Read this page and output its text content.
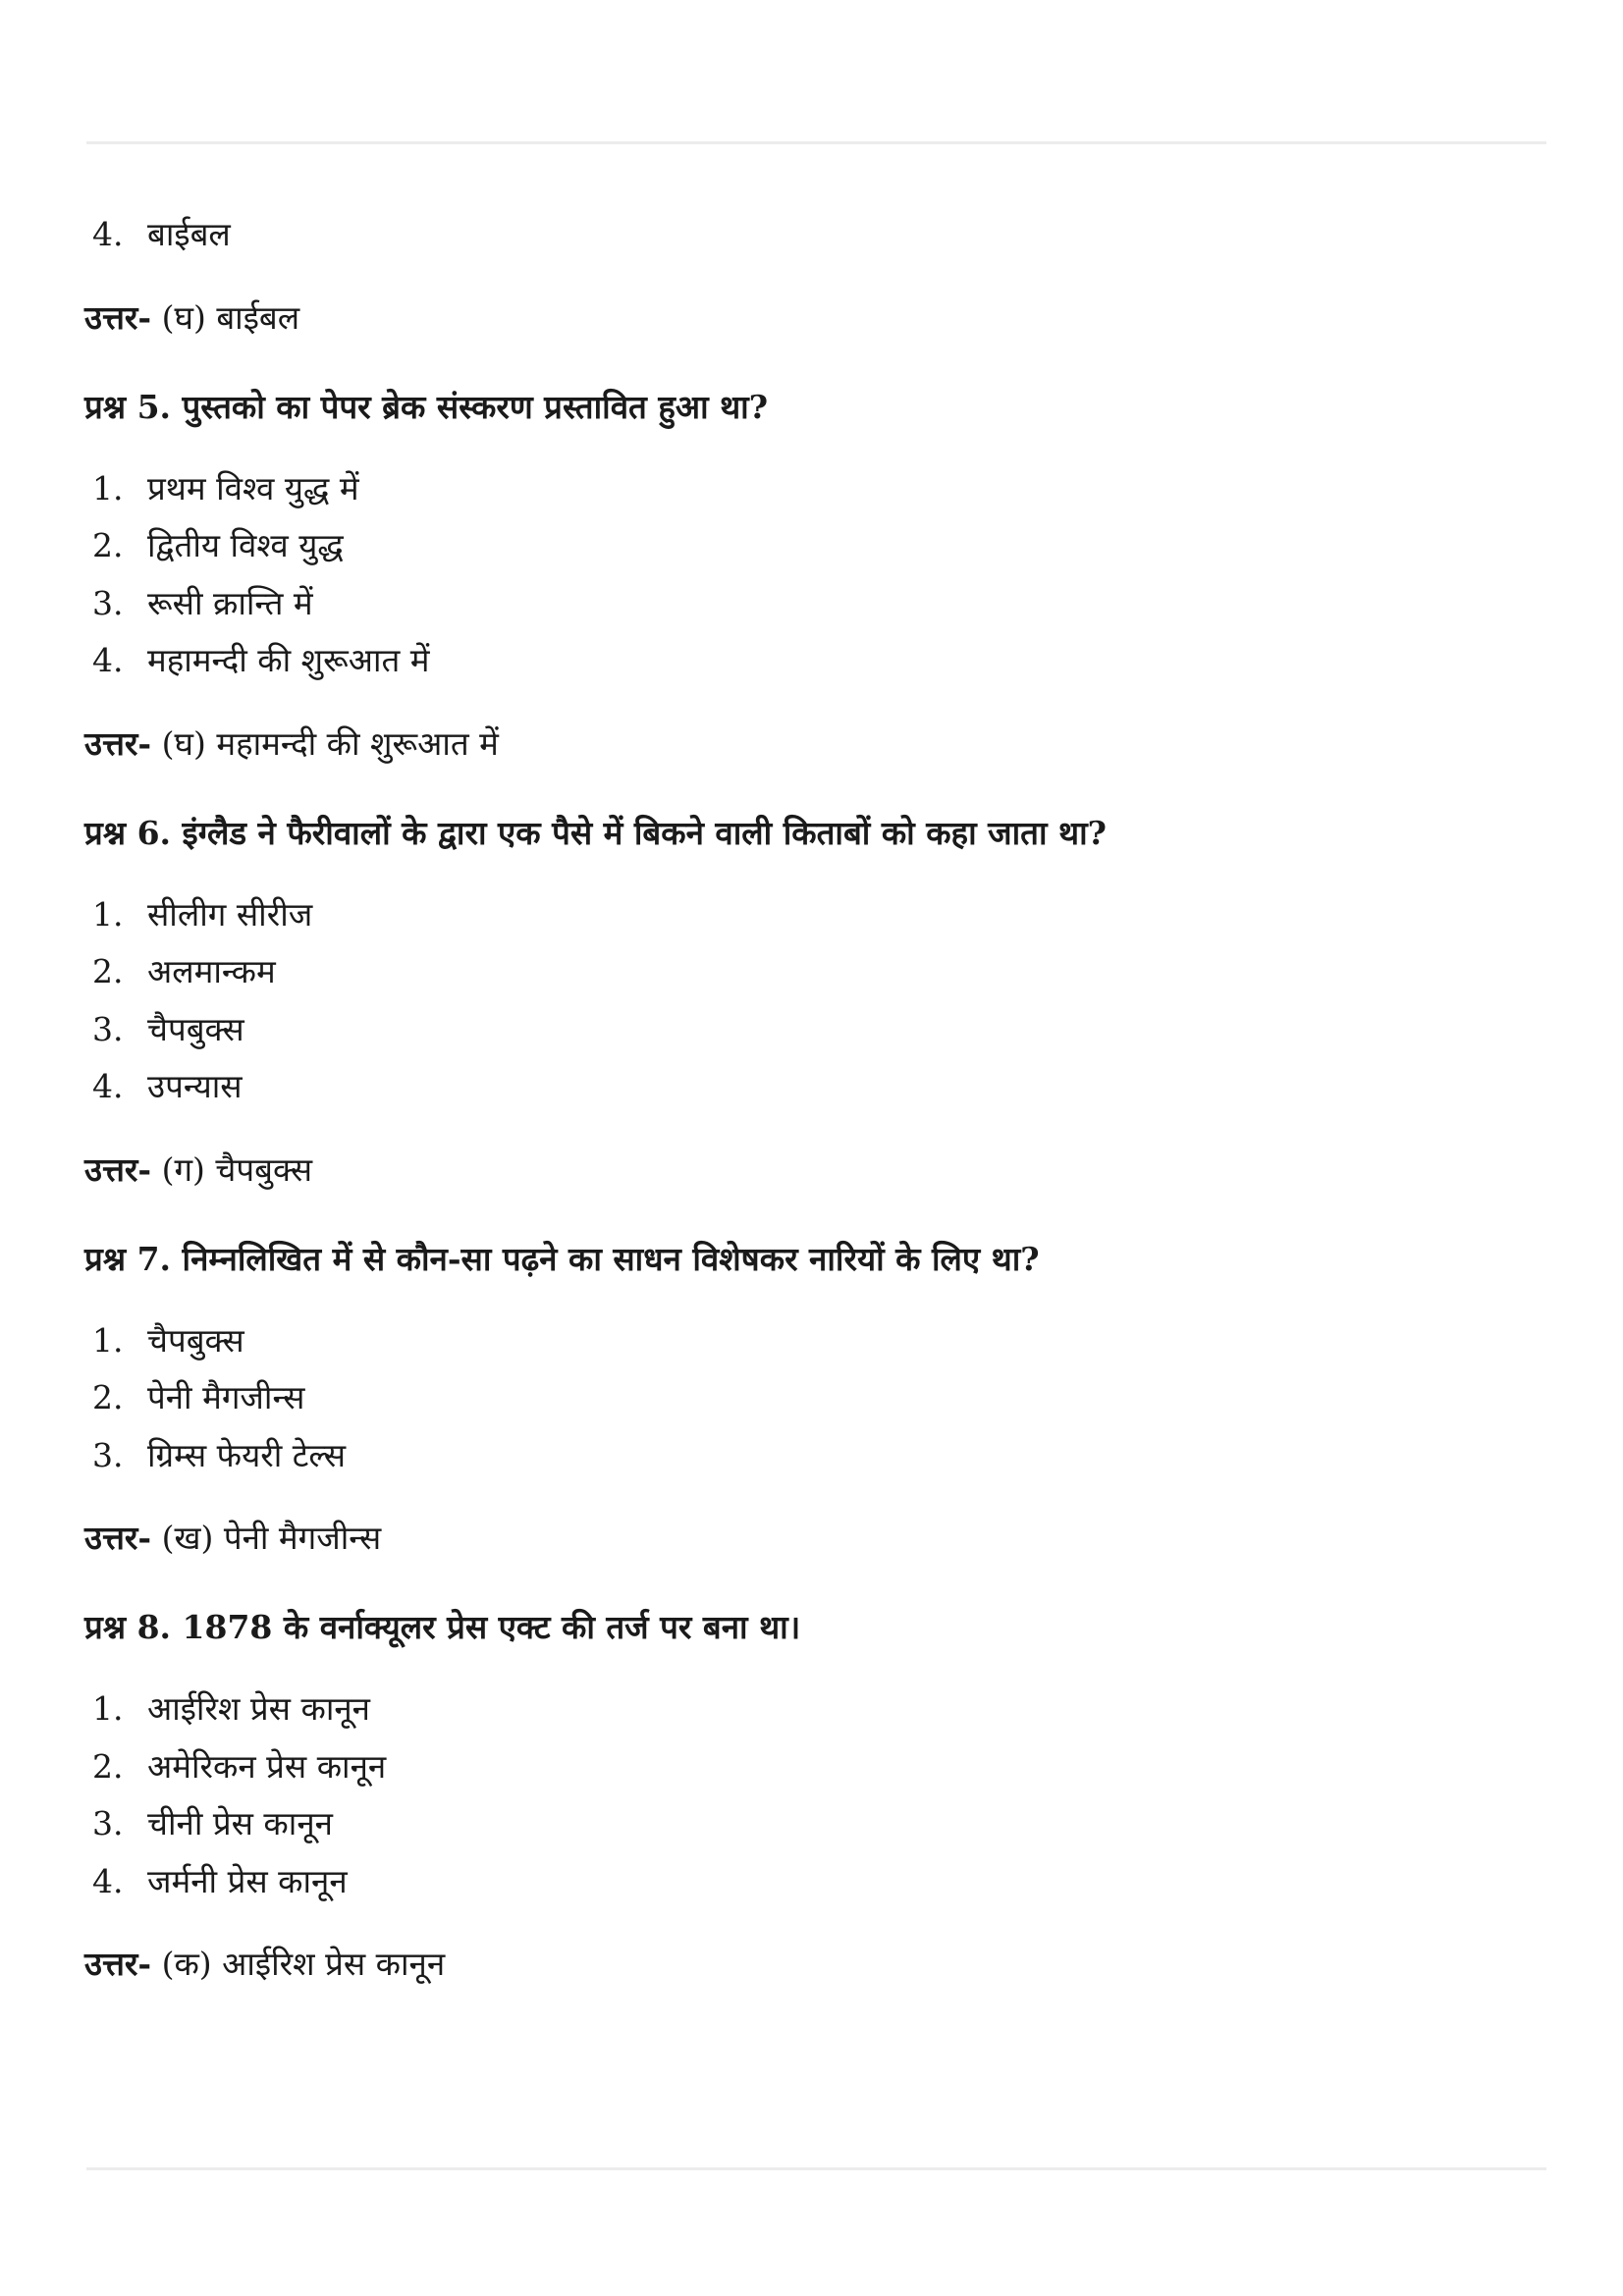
4. बाईबल
उत्तर- (घ) बाईबल
प्रश्न 5. पुस्तको का पेपर ब्रेक संस्करण प्रस्तावित हुआ था?
1. प्रथम विश्व युद्ध में
2. द्वितीय विश्व युद्ध
3. रूसी क्रान्ति में
4. महामन्दी की शुरूआत में
उत्तर- (घ) महामन्दी की शुरूआत में
प्रश्न 6. इंग्लैड ने फैरीवालों के द्वारा एक पैसे में बिकने वाली किताबों को कहा जाता था?
1. सीलीग सीरीज
2. अलमान्कम
3. चैपबुक्स
4. उपन्यास
उत्तर- (ग) चैपबुक्स
प्रश्न 7. निम्नलिखित में से कौन-सा पढ़ने का साधन विशेषकर नारियों के लिए था?
1. चैपबुक्स
2. पेनी मैगजीन्स
3. ग्रिम्स फेयरी टेल्स
उत्तर- (ख) पेनी मैगजीन्स
प्रश्न 8. 1878 के वर्नाक्यूलर प्रेस एक्ट की तर्ज पर बना था।
1. आईरिश प्रेस कानून
2. अमेरिकन प्रेस कानून
3. चीनी प्रेस कानून
4. जर्मनी प्रेस कानून
उत्तर- (क) आईरिश प्रेस कानून
